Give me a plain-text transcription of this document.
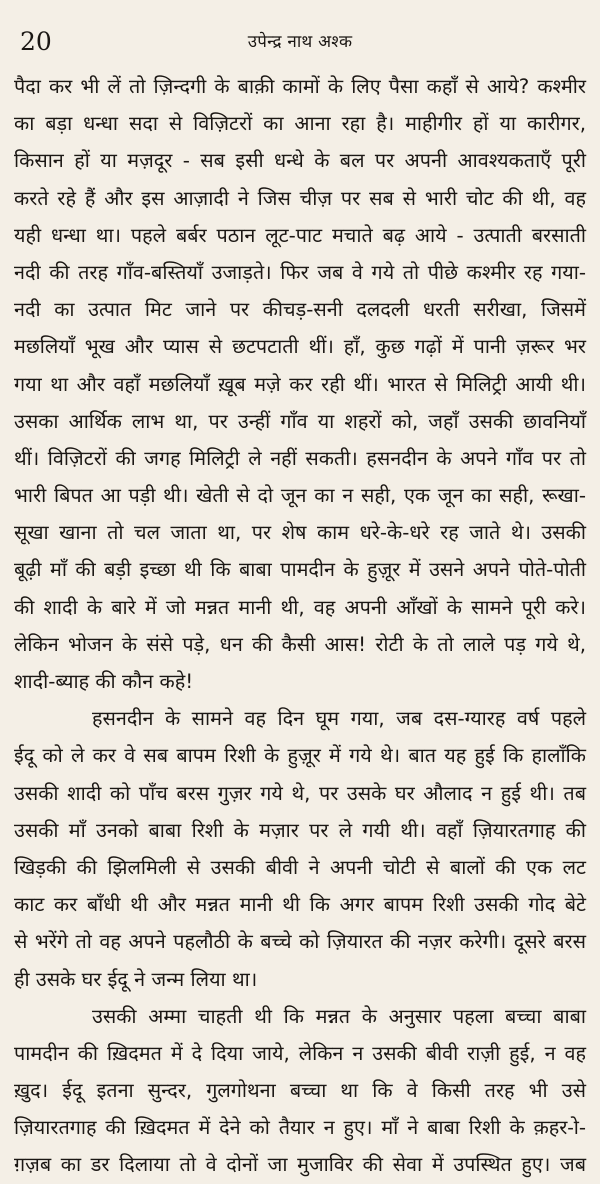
20	उपेन्द्र नाथ अश्क
पैदा कर भी लें तो ज़िन्दगी के बाक़ी कामों के लिए पैसा कहाँ से आये? कश्मीर
का बड़ा धन्धा सदा से विज़िटरों का आना रहा है। माहीगीर हों या कारीगर,
किसान हों या मज़दूर - सब इसी धन्धे के बल पर अपनी आवश्यकताएँ पूरी
करते रहे हैं और इस आज़ादी ने जिस चीज़ पर सब से भारी चोट की थी, वह
यही धन्धा था। पहले बर्बर पठान लूट-पाट मचाते बढ़ आये - उत्पाती बरसाती
नदी की तरह गाँव-बस्तियाँ उजाड़ते। फिर जब वे गये तो पीछे कश्मीर रह गया-
नदी का उत्पात मिट जाने पर कीचड़-सनी दलदली धरती सरीखा, जिसमें
मछलियाँ भूख और प्यास से छटपटाती थीं। हाँ, कुछ गढ़ों में पानी ज़रूर भर
गया था और वहाँ मछलियाँ ख़ूब मज़े कर रही थीं। भारत से मिलिट्री आयी थी।
उसका आर्थिक लाभ था, पर उन्हीं गाँव या शहरों को, जहाँ उसकी छावनियाँ
थीं। विज़िटरों की जगह मिलिट्री ले नहीं सकती। हसनदीन के अपने गाँव पर तो
भारी बिपत आ पड़ी थी। खेती से दो जून का न सही, एक जून का सही, रूखा-
सूखा खाना तो चल जाता था, पर शेष काम धरे-के-धरे रह जाते थे। उसकी
बूढ़ी माँ की बड़ी इच्छा थी कि बाबा पामदीन के हुज़ूर में उसने अपने पोते-पोती
की शादी के बारे में जो मन्नत मानी थी, वह अपनी आँखों के सामने पूरी करे।
लेकिन भोजन के संसे पड़े, धन की कैसी आस! रोटी के तो लाले पड़ गये थे,
शादी-ब्याह की कौन कहे!
हसनदीन के सामने वह दिन घूम गया, जब दस-ग्यारह वर्ष पहले
ईदू को ले कर वे सब बापम रिशी के हुज़ूर में गये थे। बात यह हुई कि हालाँकि
उसकी शादी को पाँच बरस गुज़र गये थे, पर उसके घर औलाद न हुई थी। तब
उसकी माँ उनको बाबा रिशी के मज़ार पर ले गयी थी। वहाँ ज़ियारतगाह की
खिड़की की झिलमिली से उसकी बीवी ने अपनी चोटी से बालों की एक लट
काट कर बाँधी थी और मन्नत मानी थी कि अगर बापम रिशी उसकी गोद बेटे
से भरेंगे तो वह अपने पहलौठी के बच्चे को ज़ियारत की नज़र करेगी। दूसरे बरस
ही उसके घर ईदू ने जन्म लिया था।
उसकी अम्मा चाहती थी कि मन्नत के अनुसार पहला बच्चा बाबा
पामदीन की ख़िदमत में दे दिया जाये, लेकिन न उसकी बीवी राज़ी हुई, न वह
ख़ुद। ईदू इतना सुन्दर, गुलगोथना बच्चा था कि वे किसी तरह भी उसे
ज़ियारतगाह की ख़िदमत में देने को तैयार न हुए। माँ ने बाबा रिशी के क़हर-ो-
ग़ज़ब का डर दिलाया तो वे दोनों जा मुजाविर की सेवा में उपस्थित हुए। जब
